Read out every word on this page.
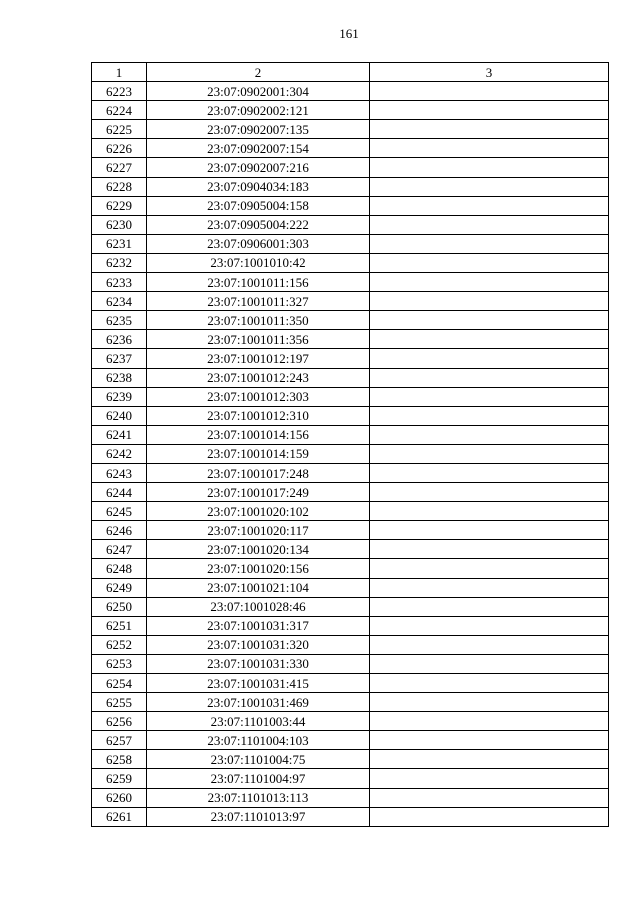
161
1	2	3
6223	23:07:0902001:304	
6224	23:07:0902002:121	
6225	23:07:0902007:135	
6226	23:07:0902007:154	
6227	23:07:0902007:216	
6228	23:07:0904034:183	
6229	23:07:0905004:158	
6230	23:07:0905004:222	
6231	23:07:0906001:303	
6232	23:07:1001010:42	
6233	23:07:1001011:156	
6234	23:07:1001011:327	
6235	23:07:1001011:350	
6236	23:07:1001011:356	
6237	23:07:1001012:197	
6238	23:07:1001012:243	
6239	23:07:1001012:303	
6240	23:07:1001012:310	
6241	23:07:1001014:156	
6242	23:07:1001014:159	
6243	23:07:1001017:248	
6244	23:07:1001017:249	
6245	23:07:1001020:102	
6246	23:07:1001020:117	
6247	23:07:1001020:134	
6248	23:07:1001020:156	
6249	23:07:1001021:104	
6250	23:07:1001028:46	
6251	23:07:1001031:317	
6252	23:07:1001031:320	
6253	23:07:1001031:330	
6254	23:07:1001031:415	
6255	23:07:1001031:469	
6256	23:07:1101003:44	
6257	23:07:1101004:103	
6258	23:07:1101004:75	
6259	23:07:1101004:97	
6260	23:07:1101013:113	
6261	23:07:1101013:97	
